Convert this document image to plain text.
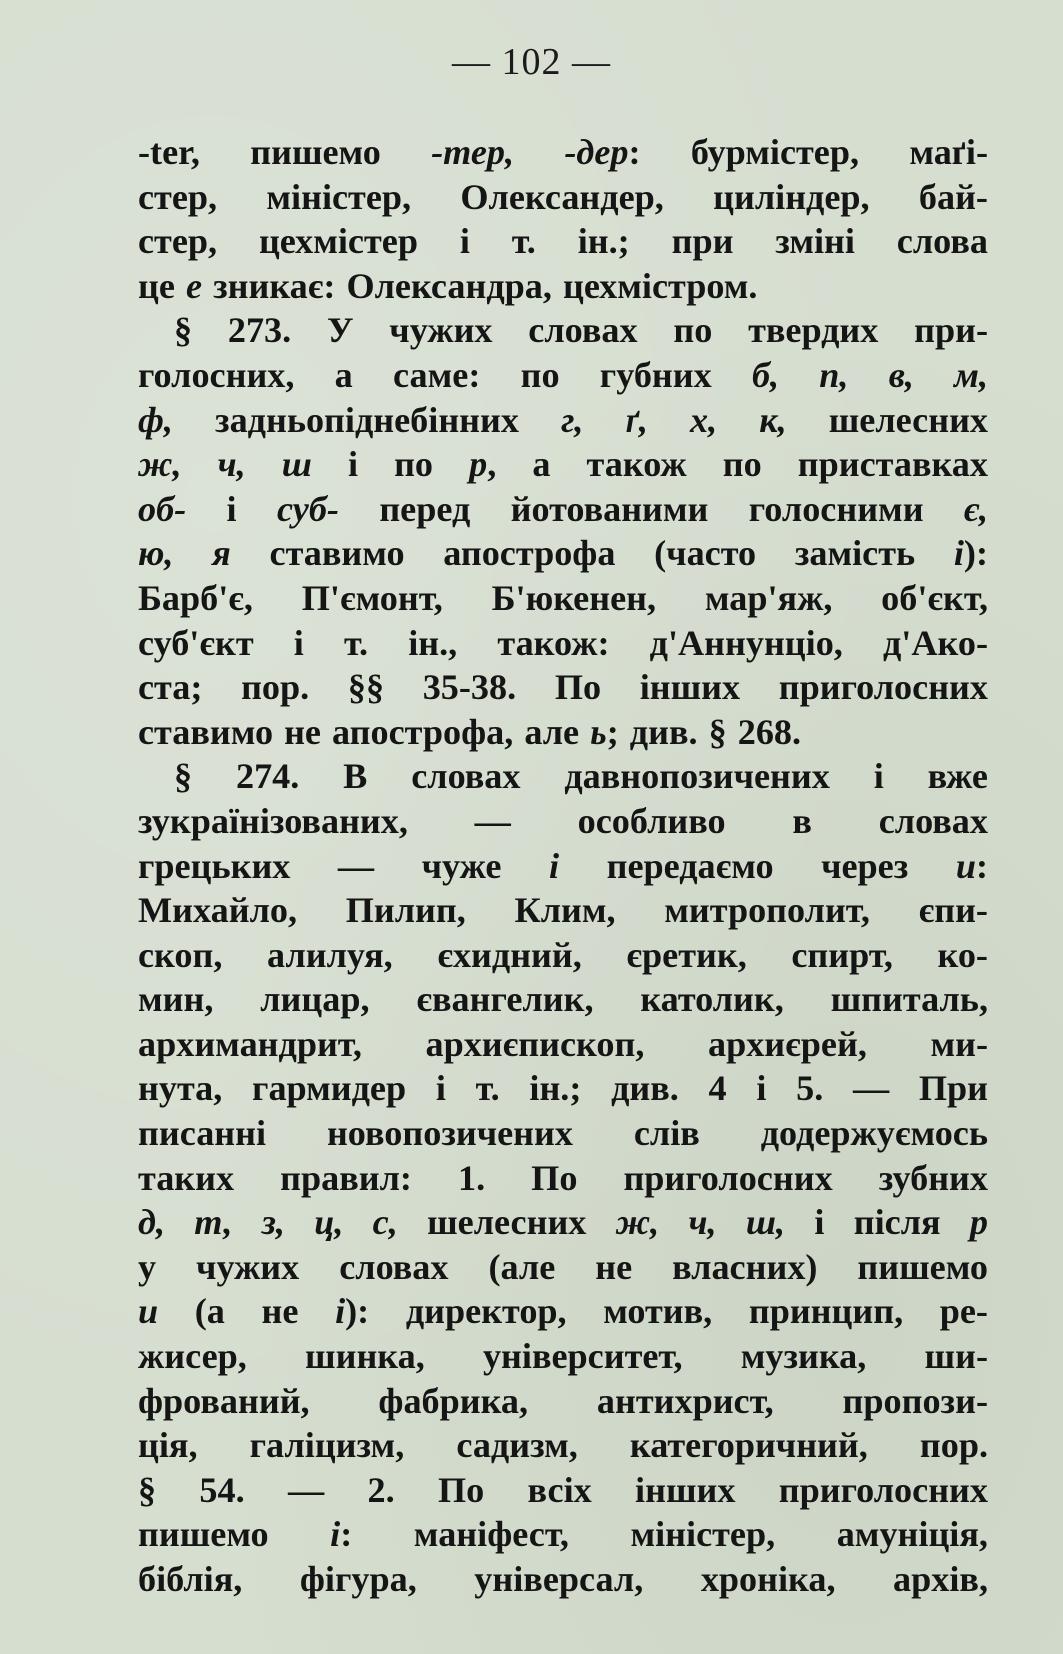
— 102 —
-ter, пишемо -тер, -дер: бурмістер, маґі-
стер, міністер, Олександер, циліндер, бай-
стер, цехмістер і т. ін.; при зміні слова
це е зникає: Олександра, цехмістром.
§ 273. У чужих словах по твердих при-
голосних, а саме: по губних б, п, в, м,
ф, задньопіднебінних г, ґ, х, к, шелесних
ж, ч, ш і по р, а також по приставках
об- і суб- перед йотованими голосними є,
ю, я ставимо апострофа (часто замість і):
Барб'є, П'ємонт, Б'юкенен, мар'яж, об'єкт,
суб'єкт і т. ін., також: д'Аннунціо, д'Ако-
ста; пор. §§ 35-38. По інших приголосних
ставимо не апострофа, але ь; див. § 268.
§ 274. В словах давнопозичених і вже
зукраїнізованих, — особливо в словах
грецьких — чуже і передаємо через и:
Михайло, Пилип, Клим, митрополит, єпи-
скоп, алилуя, єхидний, єретик, спирт, ко-
мин, лицар, євангелик, католик, шпиталь,
архимандрит, архиєпископ, архиєрей, ми-
нута, гармидер і т. ін.; див. 4 і 5. — При
писанні новопозичених слів додержуємось
таких правил: 1. По приголосних зубних
д, т, з, ц, с, шелесних ж, ч, ш, і після р
у чужих словах (але не власних) пишемо
и (а не і): директор, мотив, принцип, ре-
жисер, шинка, університет, музика, ши-
фрований, фабрика, антихрист, пропози-
ція, галіцизм, садизм, категоричний, пор.
§ 54. — 2. По всіх інших приголосних
пишемо і: маніфест, міністер, амуніція,
біблія, фігура, універсал, хроніка, архів,
